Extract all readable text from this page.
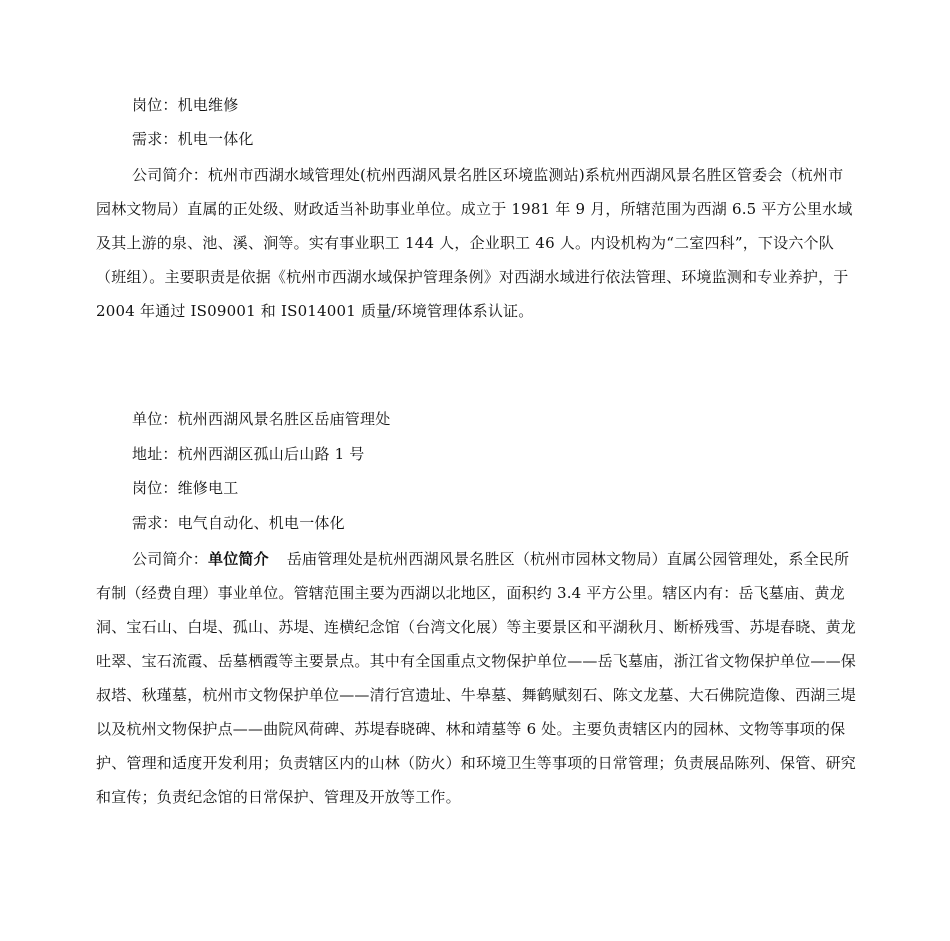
岗位：机电维修
需求：机电一体化
公司简介：杭州市西湖水域管理处(杭州西湖风景名胜区环境监测站)系杭州西湖风景名胜区管委会（杭州市园林文物局）直属的正处级、财政适当补助事业单位。成立于 1981 年 9 月，所辖范围为西湖 6.5 平方公里水域及其上游的泉、池、溪、涧等。实有事业职工 144 人，企业职工 46 人。内设机构为“二室四科”，下设六个队（班组）。主要职责是依据《杭州市西湖水域保护管理条例》对西湖水域进行依法管理、环境监测和专业养护，于 2004 年通过 IS09001 和 IS014001 质量/环境管理体系认证。
单位：杭州西湖风景名胜区岳庙管理处
地址：杭州西湖区孤山后山路 1 号
岗位：维修电工
需求：电气自动化、机电一体化
公司简介：单位简介 岳庙管理处是杭州西湖风景名胜区（杭州市园林文物局）直属公园管理处，系全民所有制（经费自理）事业单位。管辖范围主要为西湖以北地区，面积约 3.4 平方公里。辖区内有：岳飞墓庙、黄龙洞、宝石山、白堤、孤山、苏堤、连横纪念馆（台湾文化展）等主要景区和平湖秋月、断桥残雪、苏堤春晓、黄龙吐翠、宝石流霞、岳墓栖霞等主要景点。其中有全国重点文物保护单位——岳飞墓庙，浙江省文物保护单位——保叔塔、秋瑾墓，杭州市文物保护单位——清行宫遗址、牛皋墓、舞鹤赋刻石、陈文龙墓、大石佛院造像、西湖三堤以及杭州文物保护点——曲院风荷碑、苏堤春晓碑、林和靖墓等 6 处。主要负责辖区内的园林、文物等事项的保护、管理和适度开发利用；负责辖区内的山林（防火）和环境卫生等事项的日常管理；负责展品陈列、保管、研究和宣传；负责纪念馆的日常保护、管理及开放等工作。
